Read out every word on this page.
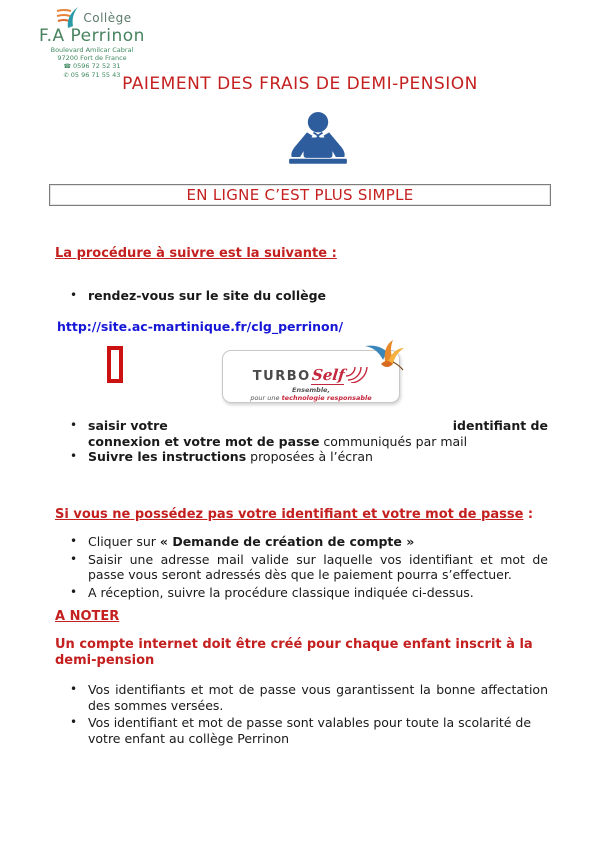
Collège
F.A Perrinon
Boulevard Amilcar Cabral
97200 Fort de France
☎ 0596 72 52 31
✆ 05 96 71 55 43 PAIEMENT DES FRAIS DE DEMI-PENSION
EN LIGNE C’EST PLUS SIMPLE
La procédure à suivre est la suivante :
•
rendez-vous sur le site du collège
http://site.ac-martinique.fr/clg_perrinon/
TURBO Self
Ensemble,
pour une technologie responsable
•
saisir votre	identifiant de
connexion et votre mot de passe communiqués par mail
•
Suivre les instructions proposées à l’écran
Si vous ne possédez pas votre identifiant et votre mot de passe :
•
Cliquer sur « Demande de création de compte »
•
Saisir une adresse mail valide sur laquelle vos identifiant et mot de passe vous seront adressés dès que le paiement pourra s’effectuer.
•
A réception, suivre la procédure classique indiquée ci-dessus.
A NOTER
Un compte internet doit être créé pour chaque enfant inscrit à la demi-pension
•
Vos identifiants et mot de passe vous garantissent la bonne affectation des sommes versées.
•
Vos identifiant et mot de passe sont valables pour toute la scolarité de votre enfant au collège Perrinon
